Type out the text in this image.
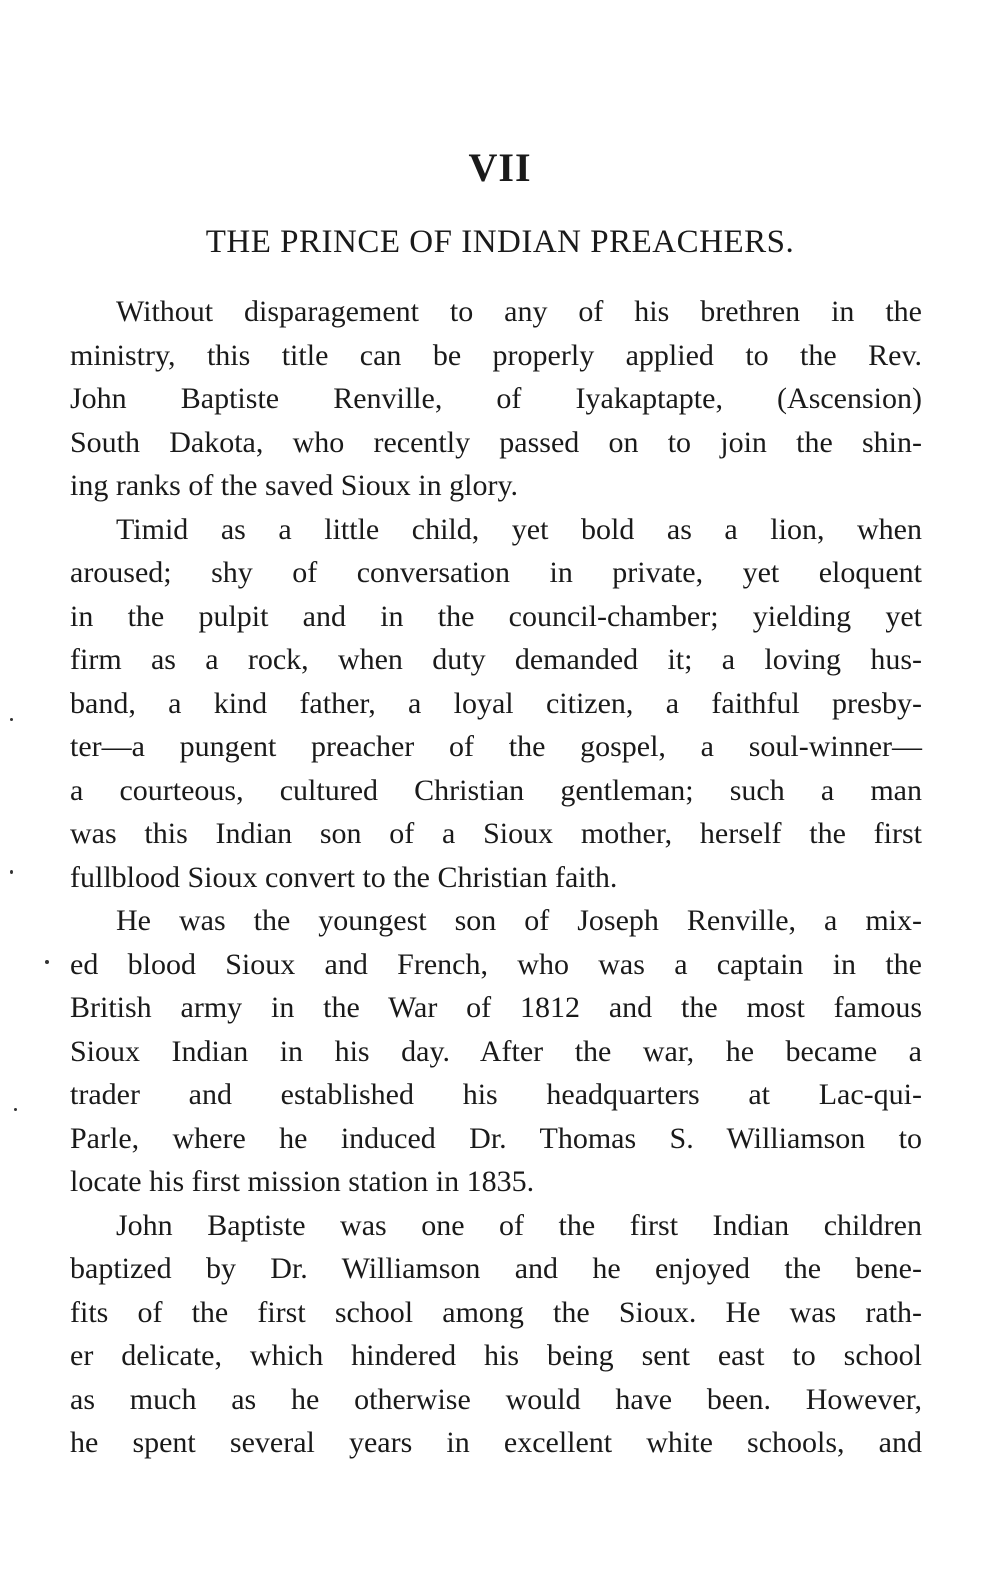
VII
THE PRINCE OF INDIAN PREACHERS.

Without disparagement to any of his brethren in the
ministry, this title can be properly applied to the Rev.
John Baptiste Renville, of Iyakaptapte, (Ascension)
South Dakota, who recently passed on to join the shin-
ing ranks of the saved Sioux in glory.

Timid as a little child, yet bold as a lion, when
aroused; shy of conversation in private, yet eloquent
in the pulpit and in the council-chamber; yielding yet
firm as a rock, when duty demanded it; a loving hus-
band, a kind father, a loyal citizen, a faithful presby-
ter—a pungent preacher of the gospel, a soul-winner—
a courteous, cultured Christian gentleman; such a man
was this Indian son of a Sioux mother, herself the first
fullblood Sioux convert to the Christian faith.

He was the youngest son of Joseph Renville, a mix-
ed blood Sioux and French, who was a captain in the
British army in the War of 1812 and the most famous
Sioux Indian in his day. After the war, he became a
trader and established his headquarters at Lac-qui-
Parle, where he induced Dr. Thomas S. Williamson to
locate his first mission station in 1835.

John Baptiste was one of the first Indian children
baptized by Dr. Williamson and he enjoyed the bene-
fits of the first school among the Sioux. He was rath-
er delicate, which hindered his being sent east to school
as much as he otherwise would have been. However,
he spent several years in excellent white schools, and
